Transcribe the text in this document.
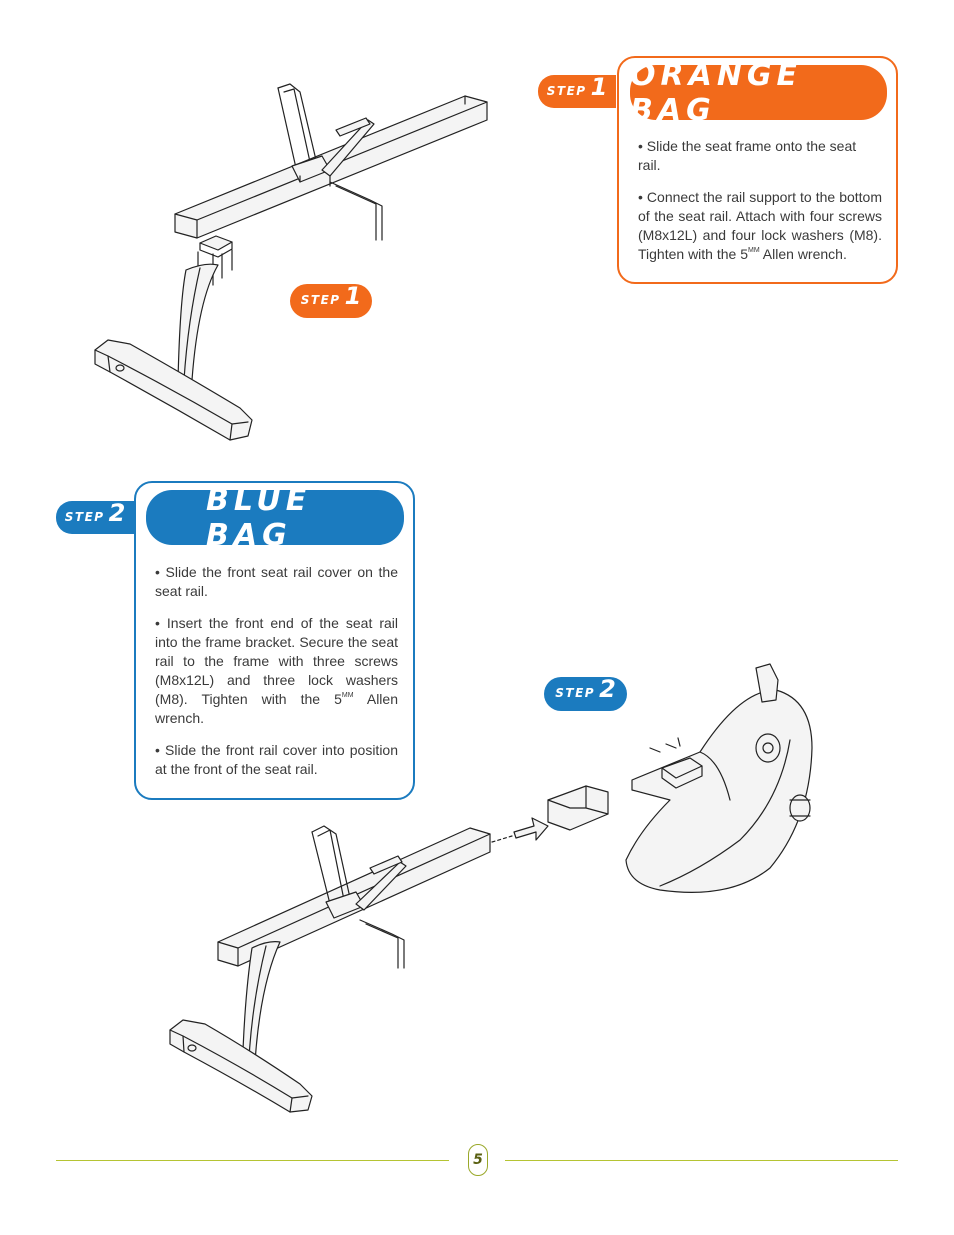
ORANGE BAG
STEP 1

• Slide the seat frame onto the seat rail.

• Connect the rail support to the bottom of the seat rail. Attach with four screws (M8x12L) and four lock washers (M8). Tighten with the $5^{MM}$ Allen wrench.

STEP 1
BLUE BAG
STEP 2

• Slide the front seat rail cover on the seat rail.

• Insert the front end of the seat rail into the frame bracket. Secure the seat rail to the frame with three screws (M8x12L) and three lock washers (M8). Tighten with the $5^{MM}$ Allen wrench.

• Slide the front rail cover into position at the front of the seat rail.

STEP 2
5
